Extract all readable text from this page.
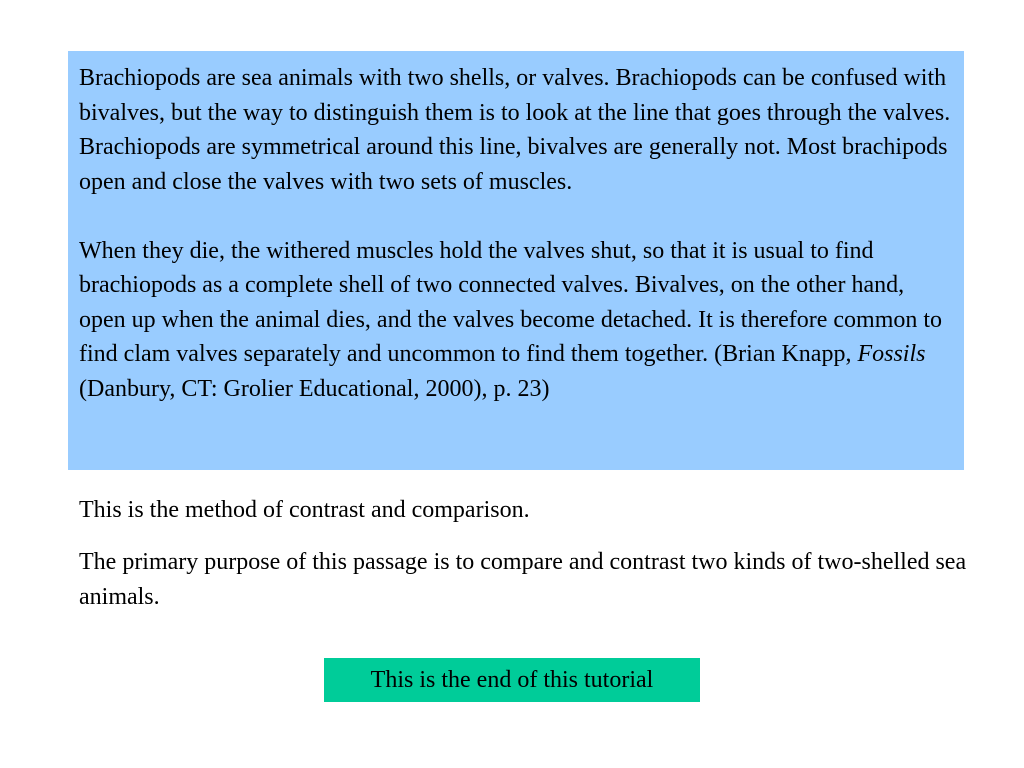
Brachiopods are sea animals with two shells, or valves. Brachiopods can be confused with bivalves, but the way to distinguish them is to look at the line that goes through the valves. Brachiopods are symmetrical around this line, bivalves are generally not. Most brachipods open and close the valves with two sets of muscles.

When they die, the withered muscles hold the valves shut, so that it is usual to find brachiopods as a complete shell of two connected valves. Bivalves, on the other hand, open up when the animal dies, and the valves become detached. It is therefore common to find clam valves separately and uncommon to find them together. (Brian Knapp, Fossils (Danbury, CT: Grolier Educational, 2000), p. 23)

This is the method of contrast and comparison.
The primary purpose of this passage is to compare and contrast two kinds of two-shelled sea animals.
This is the end of this tutorial
